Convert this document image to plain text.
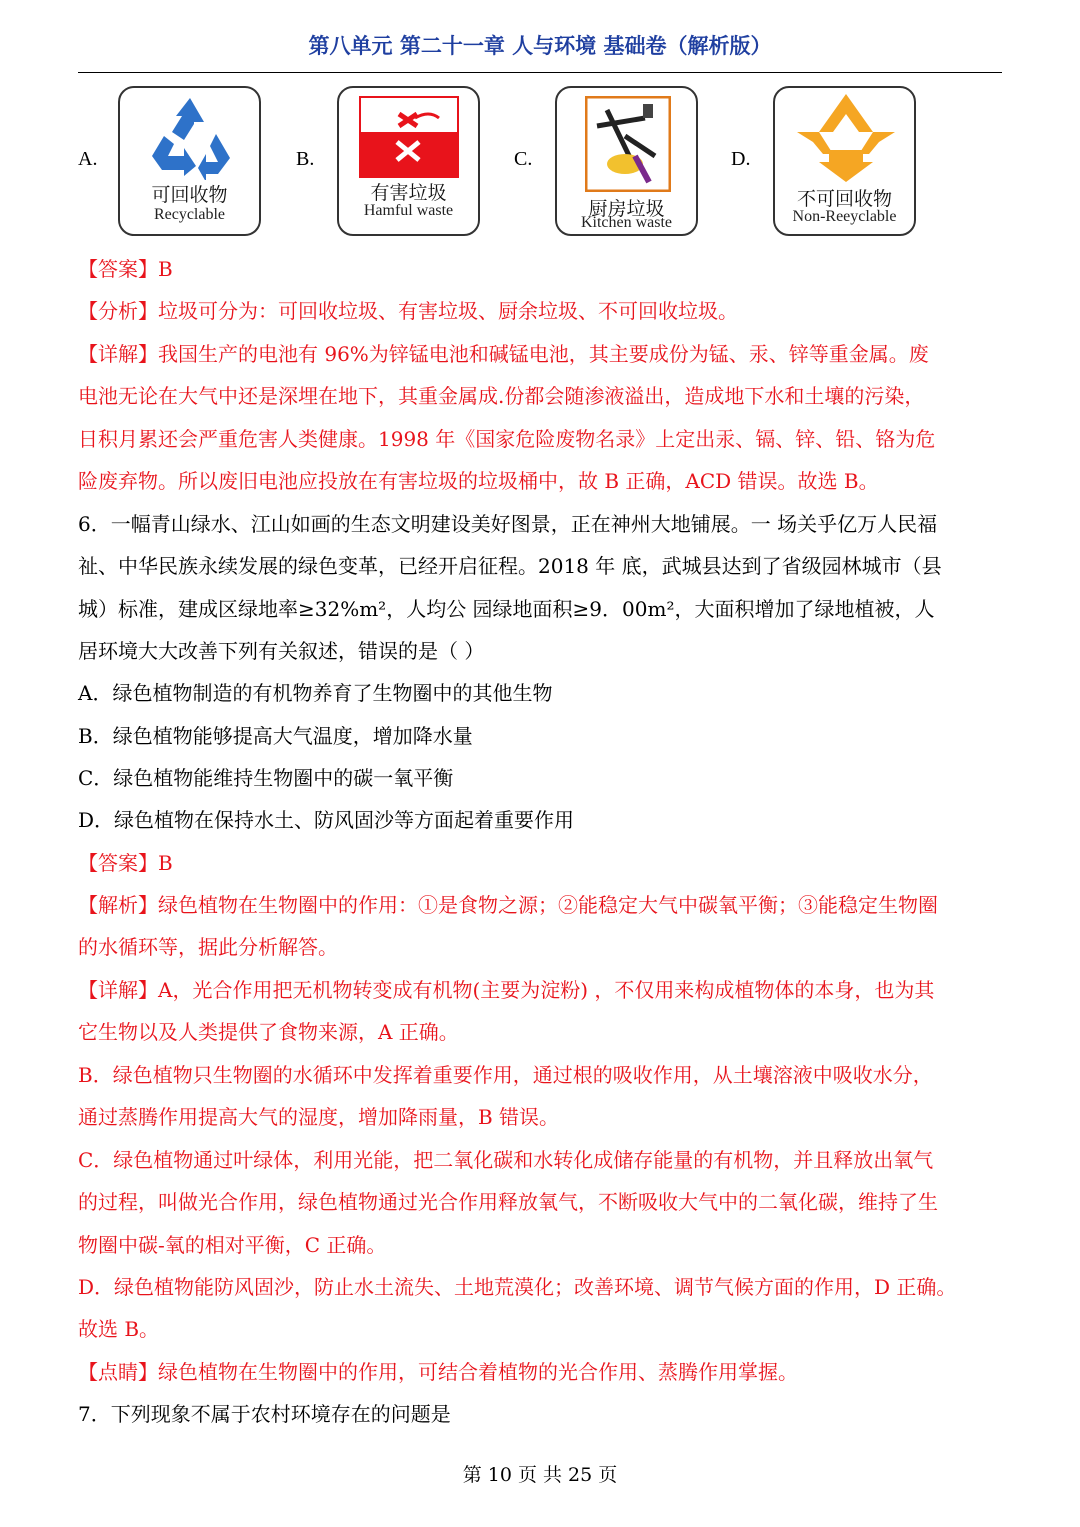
第八单元 第二十一章 人与环境 基础卷（解析版）
A.
可回收物
Recyclable
B.
有害垃圾
Hamful waste
C.
厨房垃圾
Kitchen waste
D.
不可回收物
Non-Reeyclable
【答案】B
【分析】垃圾可分为：可回收垃圾、有害垃圾、厨余垃圾、不可回收垃圾。
【详解】我国生产的电池有 96%为锌锰电池和碱锰电池，其主要成份为锰、汞、锌等重金属。废
电池无论在大气中还是深埋在地下，其重金属成.份都会随渗液溢出，造成地下水和土壤的污染，
日积月累还会严重危害人类健康。1998 年《国家危险废物名录》上定出汞、镉、锌、铅、铬为危
险废弃物。所以废旧电池应投放在有害垃圾的垃圾桶中，故 B 正确，ACD 错误。故选 B。
6．一幅青山绿水、江山如画的生态文明建设美好图景，正在神州大地铺展。一 场关乎亿万人民福
祉、中华民族永续发展的绿色变革，已经开启征程。2018 年 底，武城县达到了省级园林城市（县
城）标准，建成区绿地率≥32%m²，人均公 园绿地面积≥9．00m²，大面积增加了绿地植被，人
居环境大大改善下列有关叙述，错误的是（ ）
A．绿色植物制造的有机物养育了生物圈中的其他生物
B．绿色植物能够提高大气温度，增加降水量
C．绿色植物能维持生物圈中的碳一氧平衡
D．绿色植物在保持水土、防风固沙等方面起着重要作用
【答案】B
【解析】绿色植物在生物圈中的作用：①是食物之源；②能稳定大气中碳氧平衡；③能稳定生物圈
的水循环等，据此分析解答。
【详解】A，光合作用把无机物转变成有机物(主要为淀粉) ，不仅用来构成植物体的本身，也为其
它生物以及人类提供了食物来源，A 正确。
B．绿色植物只生物圈的水循环中发挥着重要作用，通过根的吸收作用，从土壤溶液中吸收水分，
通过蒸腾作用提高大气的湿度，增加降雨量，B 错误。
C．绿色植物通过叶绿体，利用光能，把二氧化碳和水转化成储存能量的有机物，并且释放出氧气
的过程，叫做光合作用，绿色植物通过光合作用释放氧气，不断吸收大气中的二氧化碳，维持了生
物圈中碳-氧的相对平衡，C 正确。
D．绿色植物能防风固沙，防止水土流失、土地荒漠化；改善环境、调节气候方面的作用，D 正确。
故选 B。
【点睛】绿色植物在生物圈中的作用，可结合着植物的光合作用、蒸腾作用掌握。
7．下列现象不属于农村环境存在的问题是
第 10 页 共 25 页
